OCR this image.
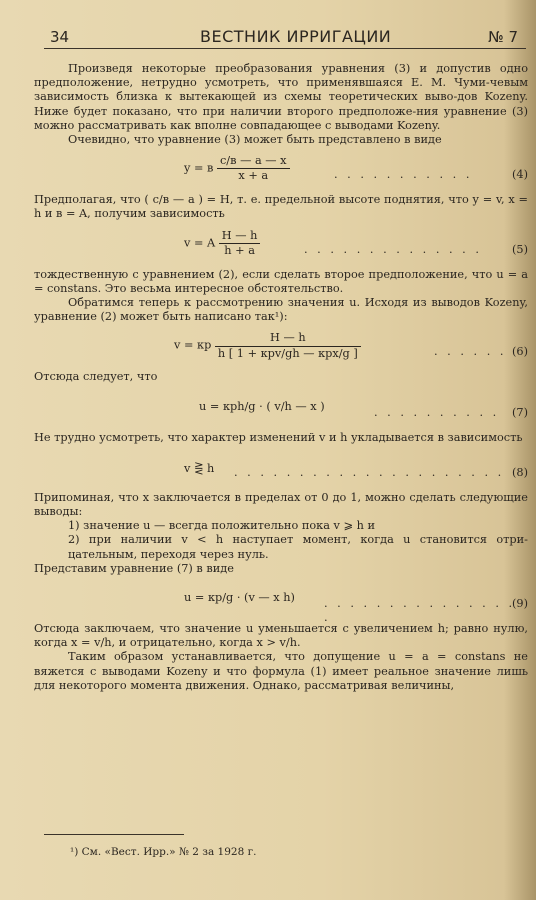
34	ВЕСТНИК ИРРИГАЦИИ	№ 7

Произведя некоторые преобразования уравнения (3) и допустив одно предположение, нетрудно усмотреть, что применявшаяся Е. М. Чуми-чевым зависимость близка к вытекающей из схемы теоретических выво-дов Kozeny. Ниже будет показано, что при наличии второго предположе-ния уравнение (3) можно рассматривать как вполне совпадающее с выводами Kozeny.

Очевидно, что уравнение (3) может быть представлено в виде

y = в $\frac{c/в — a — x}{x + a}$	. . . . . . . . . . .	(4)

Предполагая, что ( c/в — a ) = H, т. е. предельной высоте поднятия, что y = v, x = h и в = A, получим зависимость

v = A $\frac{H — h}{h + a}$	. . . . . . . . . . . . . .	(5)

тождественную с уравнением (2), если сделать второе предположение, что u = a = constans. Это весьма интересное обстоятельство.

Обратимся теперь к рассмотрению значения u. Исходя из выводов Kozeny, уравнение (2) может быть написано так¹):

v = кp $\frac{H — h}{\text{h [ 1 + кpv/gh — кpx/g ]}}$	. . . . . . (6)

Отсюда следует, что

u = кph/g · ( v/h — x )	. . . . . . . . . . (7)

Не трудно усмотреть, что характер изменений v и h укладывается в зависимость

v ⋛ h . . . . . . . . . . . . . . . . . . . . . (8)

Припоминая, что x заключается в пределах от 0 до 1, можно сделать следующие выводы:

1) значение u — всегда положительно пока v ⩾ h и

2) при наличии v < h наступает момент, когда u становится отри-цательным, переходя через нуль.

Представим уравнение (7) в виде

u = кp/g · (v — x h)	. . . . . . . . . . . . . . . .
(9)

Отсюда заключаем, что значение u уменьшается с увеличением h; равно нулю, когда x = v/h, и отрицательно, когда x > v/h.

Таким образом устанавливается, что допущение u = a = constans не вяжется с выводами Kozeny и что формула (1) имеет реальное значение лишь для некоторого момента движения. Однако, рассматривая величины,

¹) См. «Вест. Ирр.» № 2 за 1928 г.
